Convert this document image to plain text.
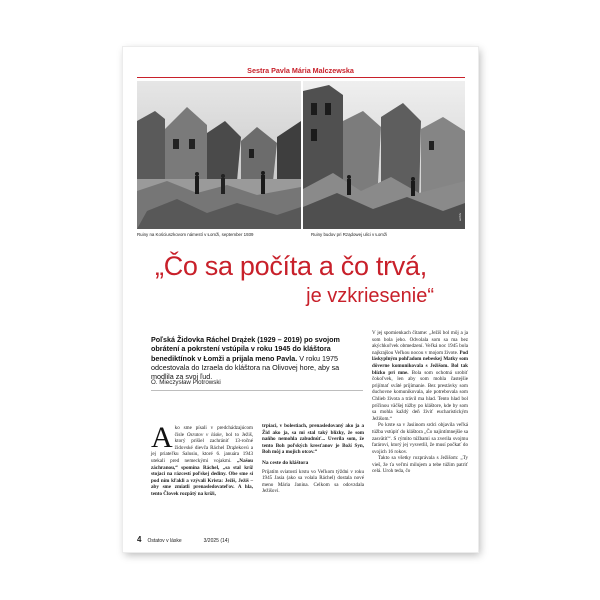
Sestra Pavla Mária Malczewska
archív
Ruiny na Kościuszkovom námestí v Łomži, september 1939	Ruiny budov pri Rządowej ulici v Łomži
„Čo sa počíta a čo trvá,
je vzkriesenie“

Poľská Židovka Ráchel Drążek (1929 – 2019) po svojom obrátení a pokrstení vstúpila v roku 1945 do kláštora benediktínok v Łomži a prijala meno Pavla. V roku 1975 odcestovala do Izraela do kláštora na Olivovej hore, aby sa modlila za svoj ľud.

O. Mieczysław Piotrowski

Ako sme písali v predchádzajúcom čísle Osratov v láske, bol to Ježiš, ktorý prišiel zachrániť 13-ročné židovské dievča Ráchel Drążekovú a jej priateľku Salusiu, ktoré 6. januára 1943 utekali pred nemeckými vojakmi. „Našou záchranou,“ spomína Ráchel, „sa stal kríž stojaci na rázcestí poľskej dediny. Obe sme si pod ním kľakli a vzývali Krista: Ježiš, Ježiš – aby sme zmiatli prenasledovateľov. A hla, tento Človek rozpätý na kríži,

trpiaci, v bolestiach, prenasledovaný ako ja a Žid ako ja, sa mi stal taký blízky, že som naňho nemohla zabudnúť... Uverila som, že tento Boh poľských kresťanov je Boží Syn, Boh môj a mojich otcov.“
Na ceste do kláštora
Prijatím sviatostí krstu vo Veľkom týždni v roku 1945 Jasia (ako sa volala Ráchel) dostala nové meno Mária Janina. Celkom sa odovzdala Ježišovi.
V jej spomienkach čítame: „Ježiš bol môj a ja som bola jeho. Odvolala som sa ma bez akýchkoľvek obmedzení. Veľká noc 1945 bola najkrajšou Veľkou nocou v mojom živote. Pod láskyplným pohľadom nebeskej Matky som dôverne komunikovala s Ježišom. Bol tak blízko pri mne. Bola som ochotná urobiť čokoľvek, len aby som mohla častejšie prijímať sväté prijímanie. Bez prestávky som duchovne komunikovala, ale potrebovala som Chlieb života a trávil ma hlad. Tento hlad bol príčinou väčšej túžby po kláštore, kde by som sa mohla každý deň živiť eucharistickým Ježišom.“
Po krste sa v Jasiinom srdci objavila veľká túžba vstúpiť do kláštora „Čo najintímnejšie sa zasvätiť“. S rýmito túžbami sa zverila svojmu farárovi, ktorý jej vysvetlil, že musí počkať do svojich 16 rokov.
Takto sa všetky rozprávala s Ježišom: „Ty vieš, že ťa veľmi milujem a tebe túžim patriť celá. Uroh teda, čo
4 Ostatov v láske	3/2025 (14)
